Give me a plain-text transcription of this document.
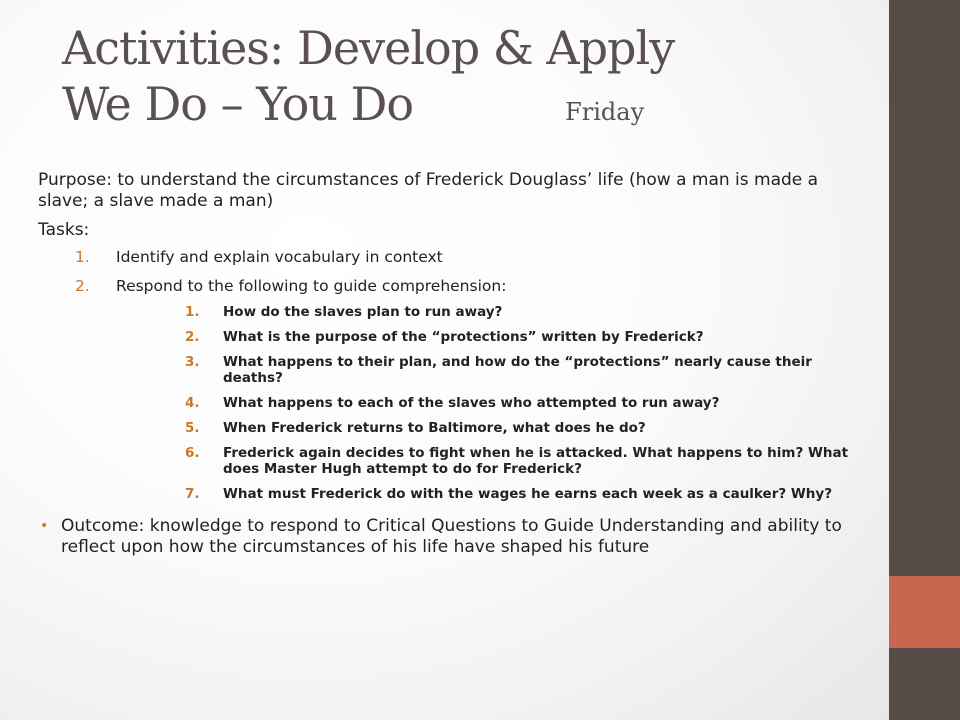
Activities: Develop & Apply
We Do – You Do	Friday

Purpose: to understand the circumstances of Frederick Douglass’ life (how a man is made a slave; a slave made a man)

Tasks:

1. Identify and explain vocabulary in context
2. Respond to the following to guide comprehension:
1. How do the slaves plan to run away?
2. What is the purpose of the “protections” written by Frederick?
3. What happens to their plan, and how do the “protections” nearly cause their deaths?
4. What happens to each of the slaves who attempted to run away?
5. When Frederick returns to Baltimore, what does he do?
6. Frederick again decides to fight when he is attacked. What happens to him? What does Master Hugh attempt to do for Frederick?
7. What must Frederick do with the wages he earns each week as a caulker? Why?
• Outcome: knowledge to respond to Critical Questions to Guide Understanding and ability to reflect upon how the circumstances of his life have shaped his future
